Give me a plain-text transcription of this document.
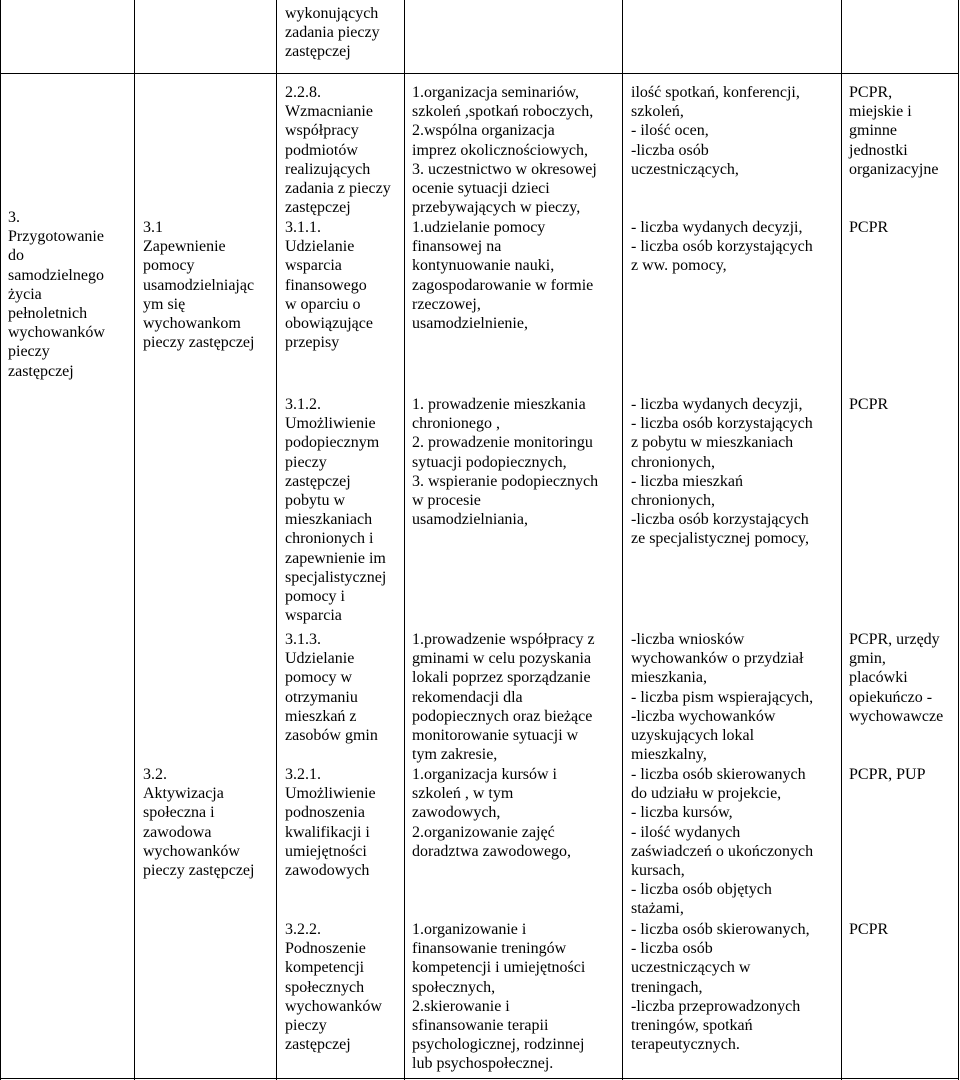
wykonujących
zadania pieczy
zastępczej
3.
Przygotowanie
do
samodzielnego
życia
pełnoletnich
wychowanków
pieczy
zastępczej
3.1
Zapewnienie
pomocy
usamodzielniając
ym się
wychowankom
pieczy zastępczej
3.2.
Aktywizacja
społeczna i
zawodowa
wychowanków
pieczy zastępczej
2.2.8.
Wzmacnianie
współpracy
podmiotów
realizujących
zadania z pieczy
zastępczej
3.1.1.
Udzielanie
wsparcia
finansowego
w oparciu o
obowiązujące
przepisy
3.1.2.
Umożliwienie
podopiecznym
pieczy
zastępczej
pobytu w
mieszkaniach
chronionych i
zapewnienie im
specjalistycznej
pomocy i
wsparcia
3.1.3.
Udzielanie
pomocy w
otrzymaniu
mieszkań z
zasobów gmin
3.2.1.
Umożliwienie
podnoszenia
kwalifikacji i
umiejętności
zawodowych
3.2.2.
Podnoszenie
kompetencji
społecznych
wychowanków
pieczy
zastępczej
1.organizacja seminariów,
szkoleń ,spotkań roboczych,
2.wspólna organizacja
imprez okolicznościowych,
3. uczestnictwo w okresowej
ocenie sytuacji dzieci
przebywających w pieczy,
1.udzielanie pomocy
finansowej na
kontynuowanie nauki,
zagospodarowanie w formie
rzeczowej,
usamodzielnienie,
1. prowadzenie mieszkania
chronionego ,
2. prowadzenie monitoringu
sytuacji podopiecznych,
3. wspieranie podopiecznych
w procesie
usamodzielniania,
1.prowadzenie współpracy z
gminami w celu pozyskania
lokali poprzez sporządzanie
rekomendacji dla
podopiecznych oraz bieżące
monitorowanie sytuacji w
tym zakresie,
1.organizacja kursów i
szkoleń , w tym
zawodowych,
2.organizowanie zajęć
doradztwa zawodowego,
1.organizowanie i
finansowanie treningów
kompetencji i umiejętności
społecznych,
2.skierowanie i
sfinansowanie terapii
psychologicznej, rodzinnej
lub psychospołecznej.
ilość spotkań, konferencji,
szkoleń,
- ilość ocen,
-liczba osób
uczestniczących,
- liczba wydanych decyzji,
- liczba osób korzystających
z ww. pomocy,
- liczba wydanych decyzji,
- liczba osób korzystających
z pobytu w mieszkaniach
chronionych,
- liczba mieszkań
chronionych,
-liczba osób korzystających
ze specjalistycznej pomocy,
-liczba wniosków
wychowanków o przydział
mieszkania,
- liczba pism wspierających,
-liczba wychowanków
uzyskujących lokal
mieszkalny,
- liczba osób skierowanych
do udziału w projekcie,
- liczba kursów,
- ilość wydanych
zaświadczeń o ukończonych
kursach,
- liczba osób objętych
stażami,
- liczba osób skierowanych,
- liczba osób
uczestniczących w
treningach,
-liczba przeprowadzonych
treningów, spotkań
terapeutycznych.
PCPR,
miejskie i
gminne
jednostki
organizacyjne
PCPR
PCPR
PCPR, urzędy
gmin,
placówki
opiekuńczo -
wychowawcze
PCPR, PUP
PCPR
